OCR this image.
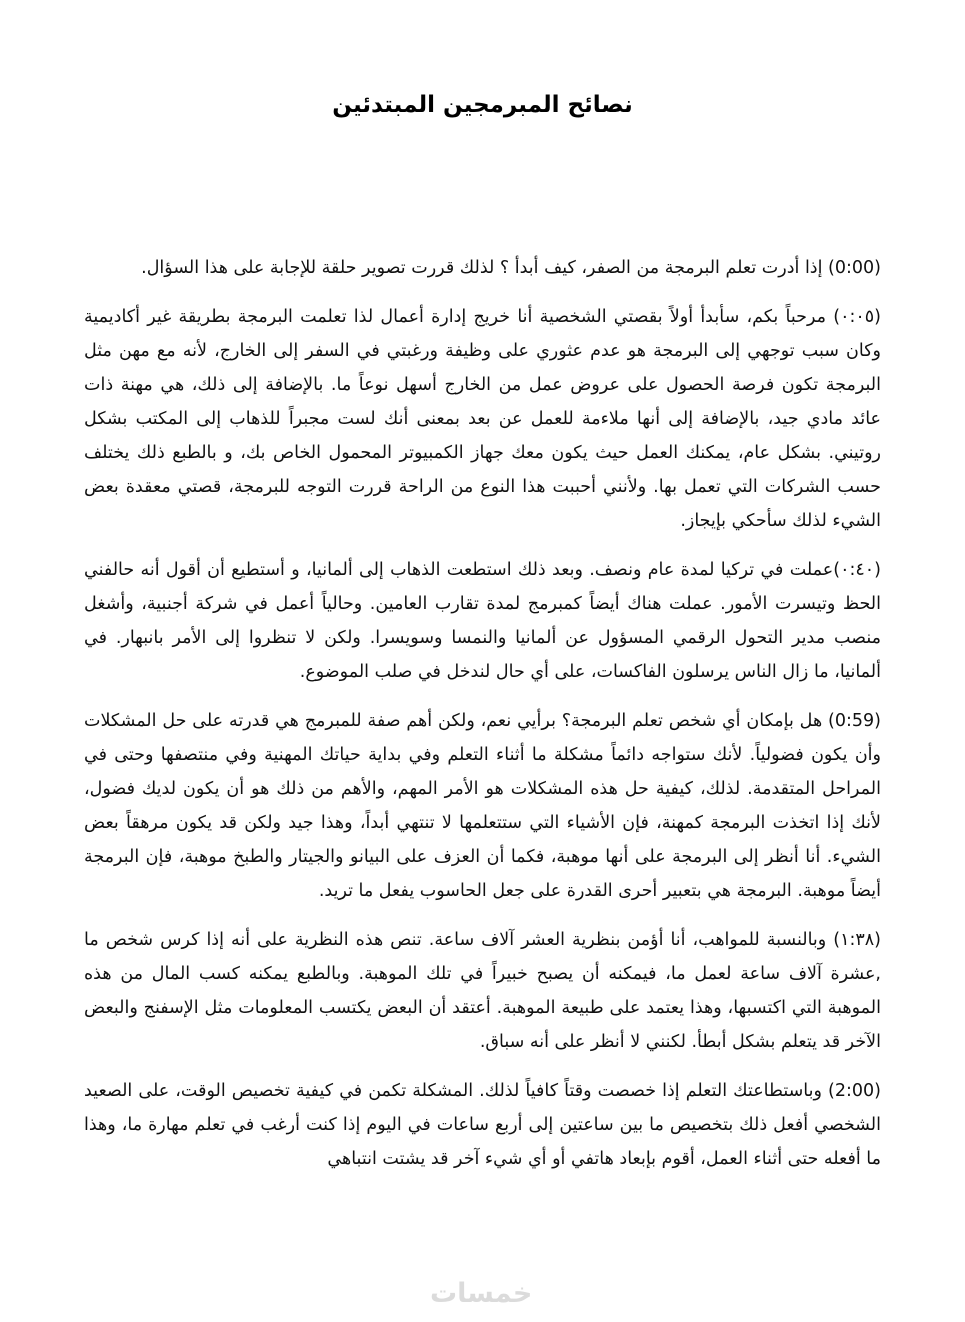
نصائح المبرمجين المبتدئين

(0:00) إذا أدرت تعلم البرمجة من الصفر، كيف أبدأ ؟ لذلك قررت تصوير حلقة للإجابة على هذا السؤال.

(٠:٠٥) مرحباً بكم، سأبدأ أولاً بقصتي الشخصية أنا خريج إدارة أعمال لذا تعلمت البرمجة بطريقة غير أكاديمية وكان سبب توجهي إلى البرمجة هو عدم عثوري على وظيفة ورغبتي في السفر إلى الخارج، لأنه مع مهن مثل البرمجة تكون فرصة الحصول على عروض عمل من الخارج أسهل نوعاً ما. بالإضافة إلى ذلك، هي مهنة ذات عائد مادي جيد، بالإضافة إلى أنها ملاءمة للعمل عن بعد بمعنى أنك لست مجبراً للذهاب إلى المكتب بشكل روتيني. بشكل عام، يمكنك العمل حيث يكون معك جهاز الكمبيوتر المحمول الخاص بك، و بالطبع ذلك يختلف حسب الشركات التي تعمل بها. ولأنني أحببت هذا النوع من الراحة قررت التوجه للبرمجة، قصتي معقدة بعض الشيء لذلك سأحكي بإيجاز.

(٠:٤٠)عملت في تركيا لمدة عام ونصف. وبعد ذلك استطعت الذهاب إلى ألمانيا، و أستطيع أن أقول أنه حالفني الحظ وتيسرت الأمور. عملت هناك أيضاً كمبرمج لمدة تقارب العامين. وحالياً أعمل في شركة أجنبية، وأشغل منصب مدير التحول الرقمي المسؤول عن ألمانيا والنمسا وسويسرا. ولكن لا تنظروا إلى الأمر بانبهار. في ألمانيا، ما زال الناس يرسلون الفاكسات، على أي حال لندخل في صلب الموضوع.

(0:59) هل بإمكان أي شخص تعلم البرمجة؟ برأيي نعم، ولكن أهم صفة للمبرمج هي قدرته على حل المشكلات وأن يكون فضولياً. لأنك ستواجه دائماً مشكلة ما أثناء التعلم وفي بداية حياتك المهنية وفي منتصفها وحتى في المراحل المتقدمة. لذلك، كيفية حل هذه المشكلات هو الأمر المهم، والأهم من ذلك هو أن يكون لديك فضول، لأنك إذا اتخذت البرمجة كمهنة، فإن الأشياء التي ستتعلمها لا تنتهي أبداً، وهذا جيد ولكن قد يكون مرهقاً بعض الشيء. أنا أنظر إلى البرمجة على أنها موهبة، فكما أن العزف على البيانو والجيتار والطبخ موهبة، فإن البرمجة أيضاً موهبة. البرمجة هي بتعبير أحرى القدرة على جعل الحاسوب يفعل ما تريد.

(١:٣٨) وبالنسبة للمواهب، أنا أؤمن بنظرية العشر آلاف ساعة. تنص هذه النظرية على أنه إذا كرس شخص ما ,عشرة آلاف ساعة لعمل ما، فيمكنه أن يصبح خبيراً في تلك الموهبة. وبالطبع يمكنه كسب المال من هذه الموهبة التي اكتسبها، وهذا يعتمد على طبيعة الموهبة. أعتقد أن البعض يكتسب المعلومات مثل الإسفنج والبعض الآخر قد يتعلم بشكل أبطأ. لكنني لا أنظر على أنه سباق.

(2:00) وباستطاعتك التعلم إذا خصصت وقتاً كافياً لذلك. المشكلة تكمن في كيفية تخصيص الوقت، على الصعيد الشخصي أفعل ذلك بتخصيص ما بين ساعتين إلى أربع ساعات في اليوم إذا كنت أرغب في تعلم مهارة ما، وهذا ما أفعله حتى أثناء العمل، أقوم بإبعاد هاتفي أو أي شيء آخر قد يشتت انتباهي

خمسات
